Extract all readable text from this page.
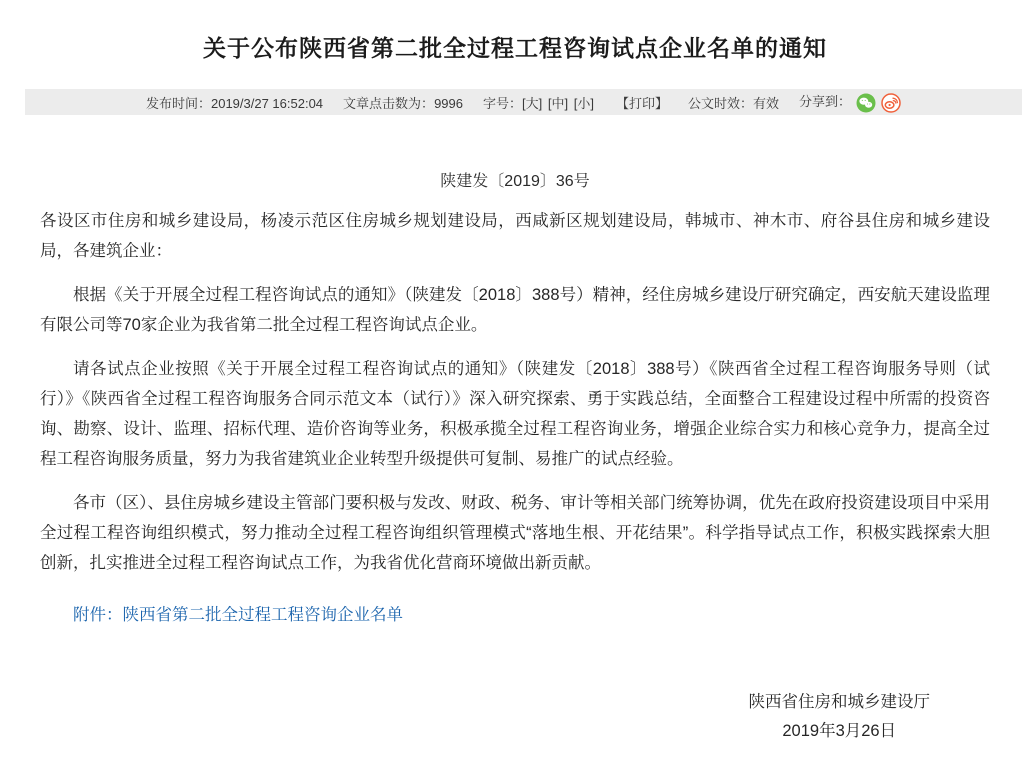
关于公布陕西省第二批全过程工程咨询试点企业名单的通知
发布时间：2019/3/27 16:52:04 文章点击数为：9996 字号：[大] [中] [小] 【打印】 公文时效：有效 分享到：
陕建发〔2019〕36号

各设区市住房和城乡建设局，杨凌示范区住房城乡规划建设局，西咸新区规划建设局，韩城市、神木市、府谷县住房和城乡建设局，各建筑企业：

根据《关于开展全过程工程咨询试点的通知》（陕建发〔2018〕388号）精神，经住房城乡建设厅研究确定，西安航天建设监理有限公司等70家企业为我省第二批全过程工程咨询试点企业。

请各试点企业按照《关于开展全过程工程咨询试点的通知》（陕建发〔2018〕388号）《陕西省全过程工程咨询服务导则（试行）》《陕西省全过程工程咨询服务合同示范文本（试行）》深入研究探索、勇于实践总结，全面整合工程建设过程中所需的投资咨询、勘察、设计、监理、招标代理、造价咨询等业务，积极承揽全过程工程咨询业务，增强企业综合实力和核心竞争力，提高全过程工程咨询服务质量，努力为我省建筑业企业转型升级提供可复制、易推广的试点经验。

各市（区）、县住房城乡建设主管部门要积极与发改、财政、税务、审计等相关部门统筹协调，优先在政府投资建设项目中采用全过程工程咨询组织模式，努力推动全过程工程咨询组织管理模式“落地生根、开花结果”。科学指导试点工作，积极实践探索大胆创新，扎实推进全过程工程咨询试点工作，为我省优化营商环境做出新贡献。

附件：陕西省第二批全过程工程咨询企业名单
陕西省住房和城乡建设厅
2019年3月26日
